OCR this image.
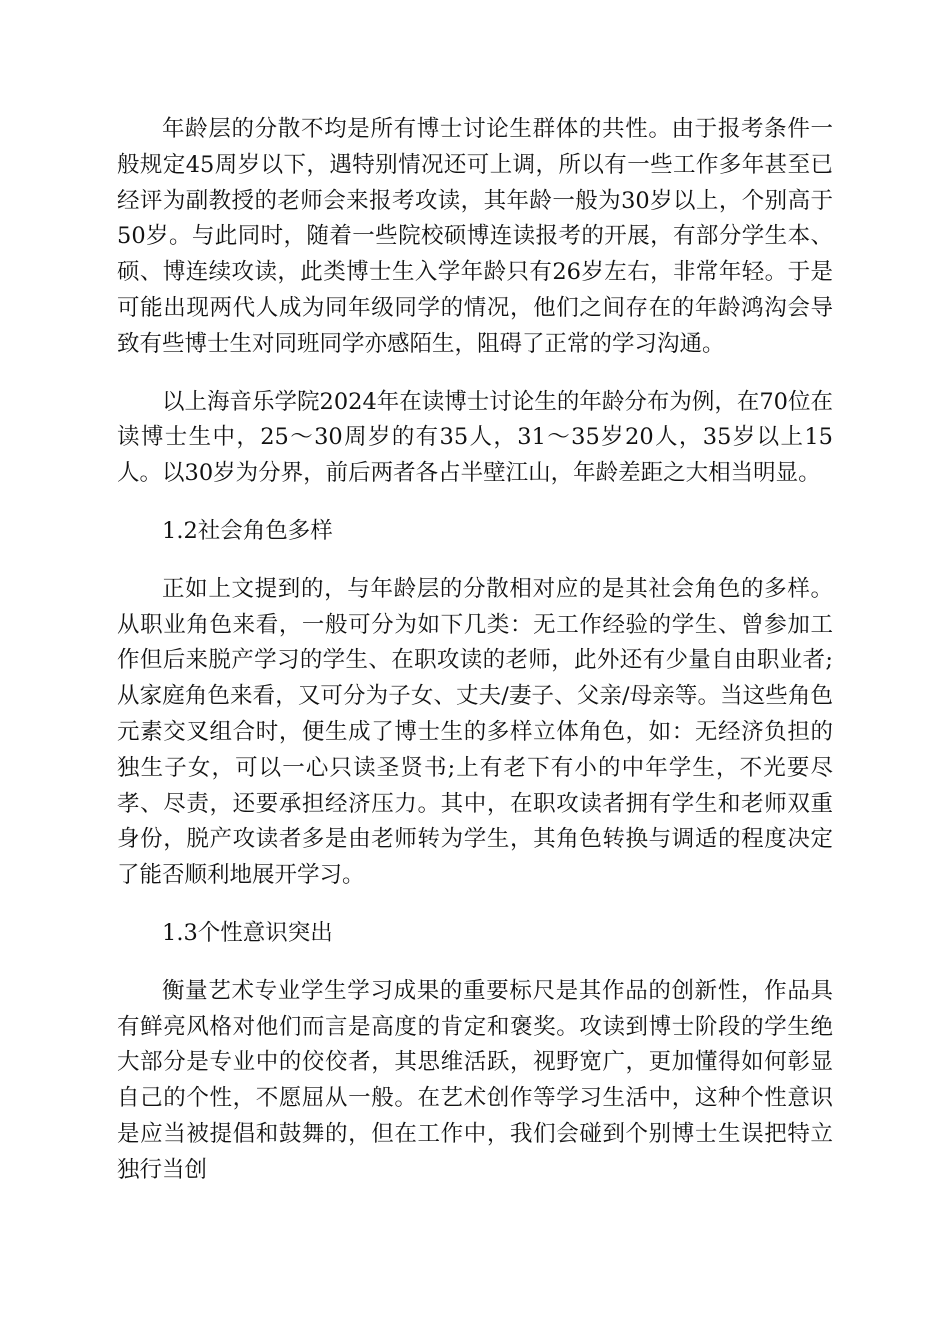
年龄层的分散不均是所有博士讨论生群体的共性。由于报考条件一般规定45周岁以下，遇特别情况还可上调，所以有一些工作多年甚至已经评为副教授的老师会来报考攻读，其年龄一般为30岁以上，个别高于50岁。与此同时，随着一些院校硕博连读报考的开展，有部分学生本、硕、博连续攻读，此类博士生入学年龄只有26岁左右，非常年轻。于是可能出现两代人成为同年级同学的情况，他们之间存在的年龄鸿沟会导致有些博士生对同班同学亦感陌生，阻碍了正常的学习沟通。

以上海音乐学院2024年在读博士讨论生的年龄分布为例，在70位在读博士生中，25～30周岁的有35人，31～35岁20人，35岁以上15人。以30岁为分界，前后两者各占半壁江山，年龄差距之大相当明显。

1.2社会角色多样

正如上文提到的，与年龄层的分散相对应的是其社会角色的多样。从职业角色来看，一般可分为如下几类：无工作经验的学生、曾参加工作但后来脱产学习的学生、在职攻读的老师，此外还有少量自由职业者;从家庭角色来看，又可分为子女、丈夫/妻子、父亲/母亲等。当这些角色元素交叉组合时，便生成了博士生的多样立体角色，如：无经济负担的独生子女，可以一心只读圣贤书;上有老下有小的中年学生，不光要尽孝、尽责，还要承担经济压力。其中，在职攻读者拥有学生和老师双重身份，脱产攻读者多是由老师转为学生，其角色转换与调适的程度决定了能否顺利地展开学习。

1.3个性意识突出

衡量艺术专业学生学习成果的重要标尺是其作品的创新性，作品具有鲜亮风格对他们而言是高度的肯定和褒奖。攻读到博士阶段的学生绝大部分是专业中的佼佼者，其思维活跃，视野宽广，更加懂得如何彰显自己的个性，不愿屈从一般。在艺术创作等学习生活中，这种个性意识是应当被提倡和鼓舞的，但在工作中，我们会碰到个别博士生误把特立独行当创
